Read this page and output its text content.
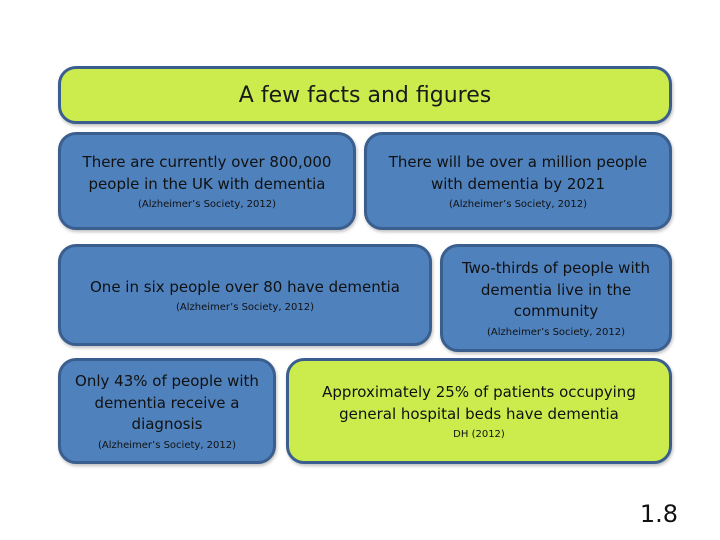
A few facts and figures
There are currently over 800,000 people in the UK with dementia
(Alzheimer’s Society, 2012)
There will be over a million people with dementia by 2021
(Alzheimer’s Society, 2012)
One in six people over 80 have dementia
(Alzheimer’s Society, 2012)
Two-thirds of people with dementia live in the community
(Alzheimer’s Society, 2012)
Only 43% of people with dementia receive a diagnosis
(Alzheimer’s Society, 2012)
Approximately 25% of patients occupying general hospital beds have dementia
DH (2012)
1.8
